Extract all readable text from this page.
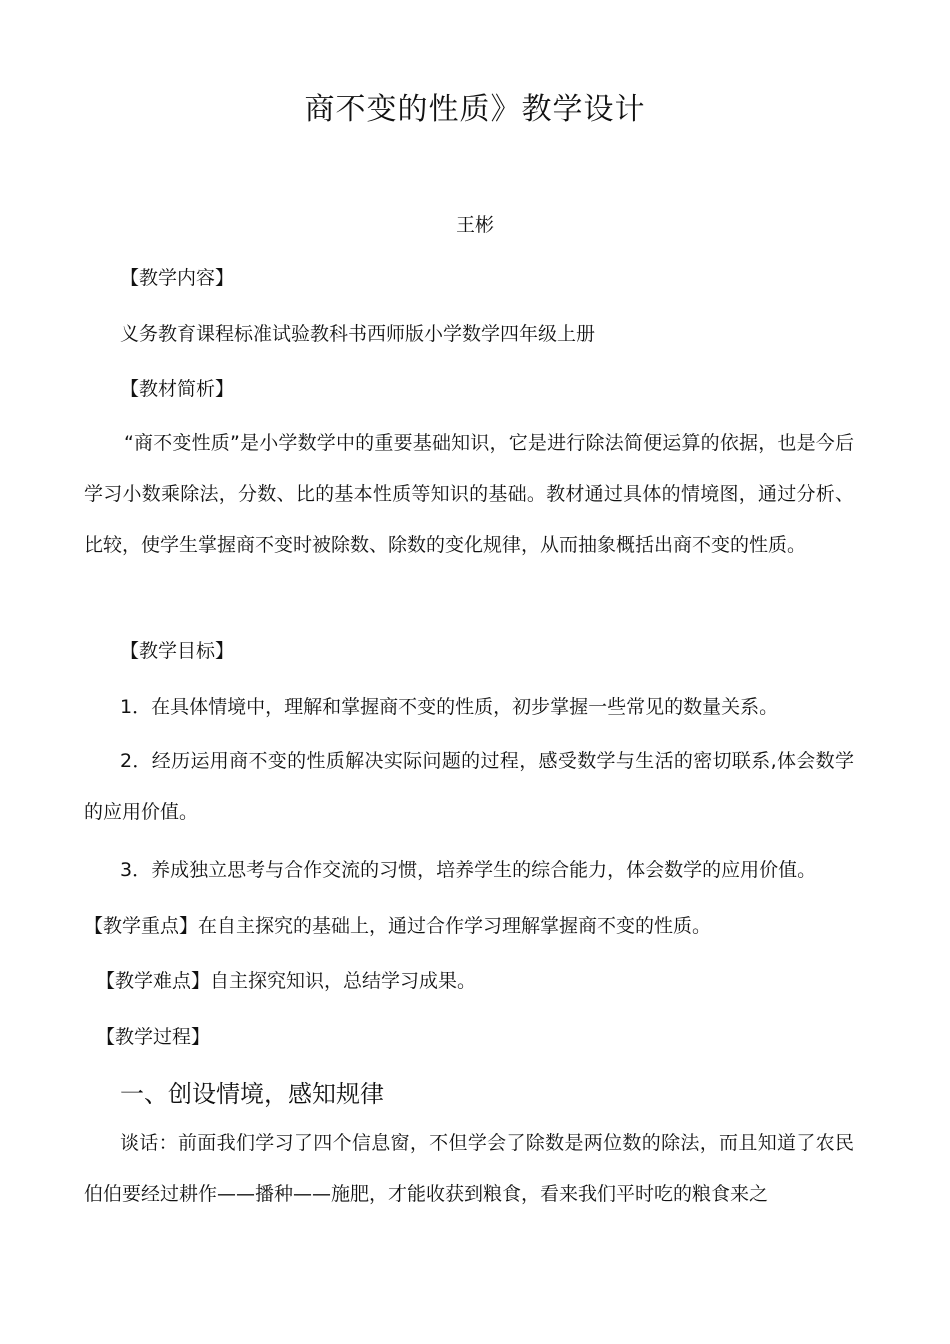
商不变的性质》教学设计
王彬
【教学内容】
义务教育课程标准试验教科书西师版小学数学四年级上册
【教材简析】
“商不变性质”是小学数学中的重要基础知识，它是进行除法简便运算的依据，也是今后学习小数乘除法，分数、比的基本性质等知识的基础。教材通过具体的情境图，通过分析、比较，使学生掌握商不变时被除数、除数的变化规律，从而抽象概括出商不变的性质。
【教学目标】
1．在具体情境中，理解和掌握商不变的性质，初步掌握一些常见的数量关系。
2．经历运用商不变的性质解决实际问题的过程，感受数学与生活的密切联系,体会数学的应用价值。
3．养成独立思考与合作交流的习惯，培养学生的综合能力，体会数学的应用价值。
【教学重点】在自主探究的基础上，通过合作学习理解掌握商不变的性质。
【教学难点】自主探究知识，总结学习成果。
【教学过程】
一、创设情境，感知规律
谈话：前面我们学习了四个信息窗，不但学会了除数是两位数的除法，而且知道了农民伯伯要经过耕作——播种——施肥，才能收获到粮食，看来我们平时吃的粮食来之
